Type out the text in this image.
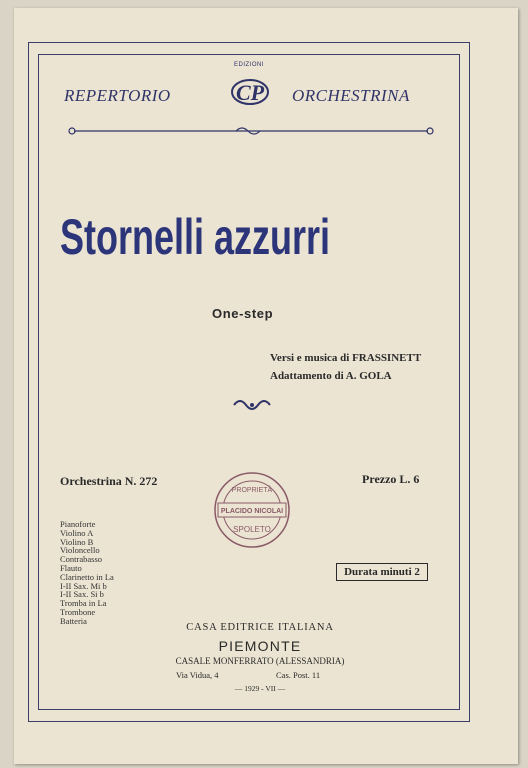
REPERTORIO	ORCHESTRINA
EDIZIONI
CP
Stornelli azzurri
One-step
Versi e musica di FRASSINETT
Adattamento di A. GOLA
Orchestrina N. 272	Prezzo L. 6
PROPRIETÀ
PLACIDO NICOLAI
SPOLETO
Pianoforte
Violino A
Violino B
Violoncello
Contrabasso
Flauto
Clarinetto in La
I-II Sax. Mi b
I-II Sax. Si b
Tromba in La
Trombone
Batteria
Durata minuti 2
CASA EDITRICE ITALIANA
PIEMONTE
CASALE MONFERRATO (ALESSANDRIA)
Via Vidua, 4	Cas. Post. 11
— 1929 - VII —
